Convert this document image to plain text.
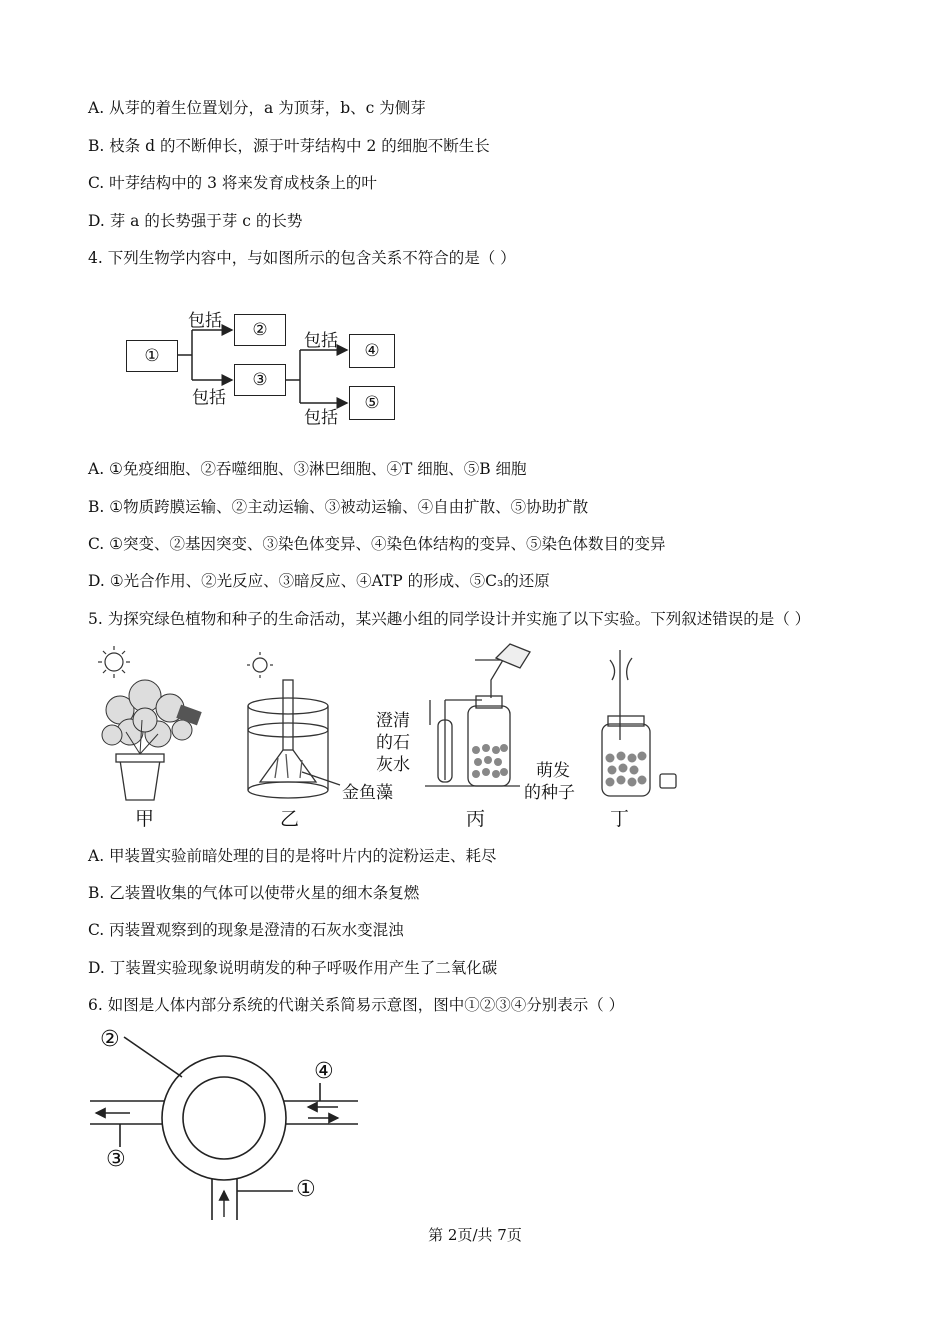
A. 从芽的着生位置划分，a 为顶芽，b、c 为侧芽
B. 枝条 d 的不断伸长，源于叶芽结构中 2 的细胞不断生长
C. 叶芽结构中的 3 将来发育成枝条上的叶
D. 芽 a 的长势强于芽 c 的长势
4. 下列生物学内容中，与如图所示的包含关系不符合的是（ ）
①
②
③
④
⑤
包括
包括
包括
包括
A. ①免疫细胞、②吞噬细胞、③淋巴细胞、④T 细胞、⑤B 细胞
B. ①物质跨膜运输、②主动运输、③被动运输、④自由扩散、⑤协助扩散
C. ①突变、②基因突变、③染色体变异、④染色体结构的变异、⑤染色体数目的变异
D. ①光合作用、②光反应、③暗反应、④ATP 的形成、⑤C₃的还原
5. 为探究绿色植物和种子的生命活动，某兴趣小组的同学设计并实施了以下实验。下列叙述错误的是（ ）
甲	乙	丙	丁
金鱼藻
澄清
的石
灰水	萌发
的种子
A. 甲装置实验前暗处理的目的是将叶片内的淀粉运走、耗尽
B. 乙装置收集的气体可以使带火星的细木条复燃
C. 丙装置观察到的现象是澄清的石灰水变混浊
D. 丁装置实验现象说明萌发的种子呼吸作用产生了二氧化碳
6. 如图是人体内部分系统的代谢关系简易示意图，图中①②③④分别表示（ ）
②
④
③
①
第 2页/共 7页
